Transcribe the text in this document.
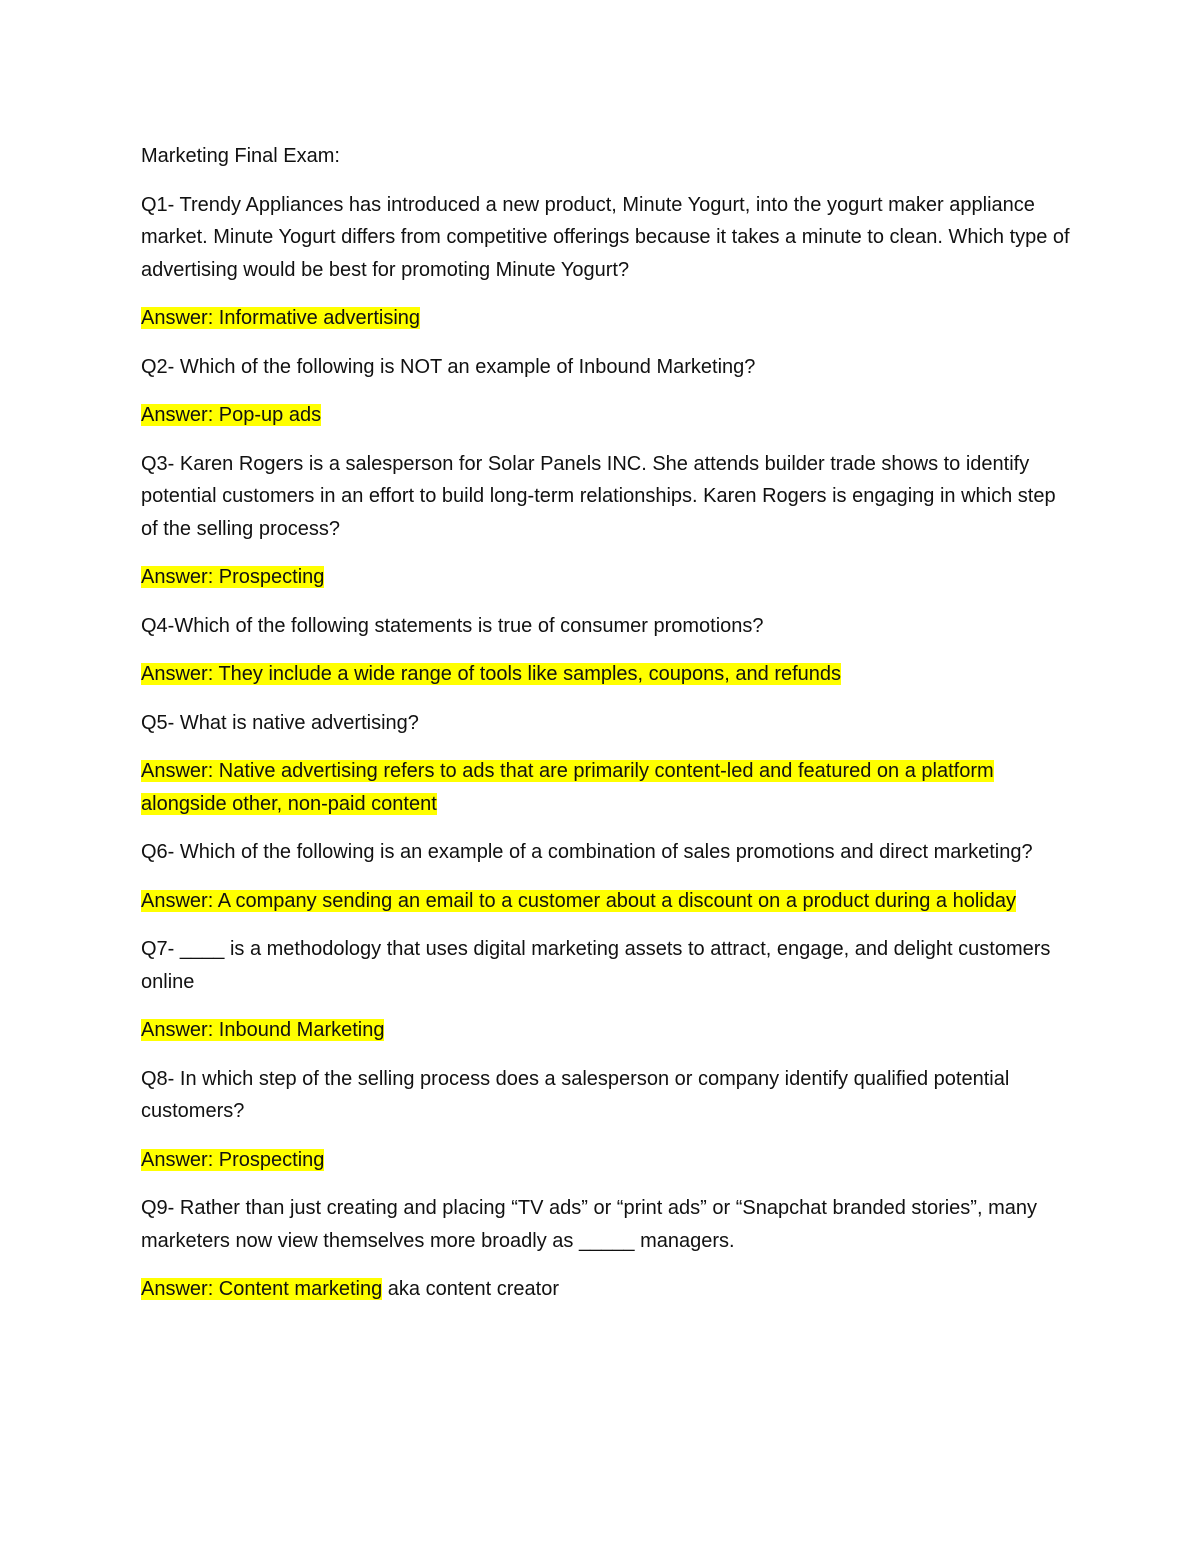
Marketing Final Exam:

Q1- Trendy Appliances has introduced a new product, Minute Yogurt, into the yogurt maker appliance market. Minute Yogurt differs from competitive offerings because it takes a minute to clean. Which type of advertising would be best for promoting Minute Yogurt?

Answer: Informative advertising

Q2- Which of the following is NOT an example of Inbound Marketing?

Answer: Pop-up ads

Q3- Karen Rogers is a salesperson for Solar Panels INC. She attends builder trade shows to identify potential customers in an effort to build long-term relationships. Karen Rogers is engaging in which step of the selling process?

Answer: Prospecting

Q4-Which of the following statements is true of consumer promotions?

Answer: They include a wide range of tools like samples, coupons, and refunds

Q5- What is native advertising?

Answer: Native advertising refers to ads that are primarily content-led and featured on a platform alongside other, non-paid content

Q6- Which of the following is an example of a combination of sales promotions and direct marketing?

Answer: A company sending an email to a customer about a discount on a product during a holiday

Q7- ____ is a methodology that uses digital marketing assets to attract, engage, and delight customers online

Answer: Inbound Marketing

Q8- In which step of the selling process does a salesperson or company identify qualified potential customers?

Answer: Prospecting

Q9- Rather than just creating and placing “TV ads” or “print ads” or “Snapchat branded stories”, many marketers now view themselves more broadly as _____ managers.

Answer: Content marketing aka content creator
